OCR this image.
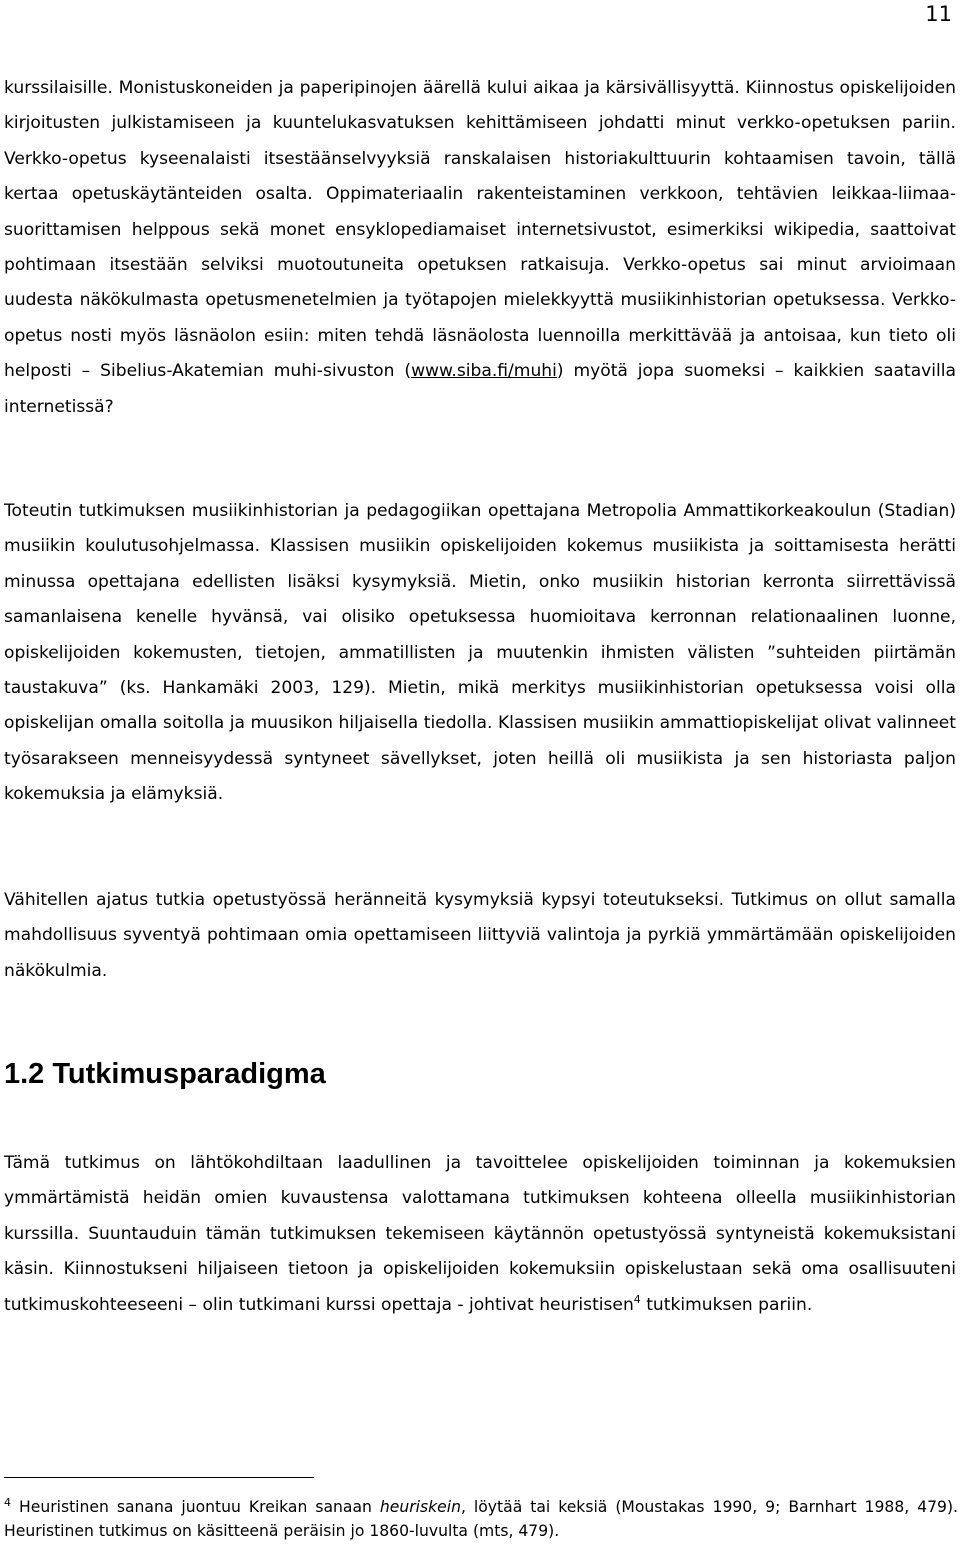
11

kurssilaisille. Monistuskoneiden ja paperipinojen äärellä kului aikaa ja kärsivällisyyttä. Kiinnostus opiskelijoiden kirjoitusten julkistamiseen ja kuuntelukasvatuksen kehittämiseen johdatti minut verkko-opetuksen pariin. Verkko-opetus kyseenalaisti itsestäänselvyyksiä ranskalaisen historiakulttuurin kohtaamisen tavoin, tällä kertaa opetuskäytänteiden osalta. Oppimateriaalin rakenteistaminen verkkoon, tehtävien leikkaa-liimaa-suorittamisen helppous sekä monet ensyklopediamaiset internetsivustot, esimerkiksi wikipedia, saattoivat pohtimaan itsestään selviksi muotoutuneita opetuksen ratkaisuja. Verkko-opetus sai minut arvioimaan uudesta näkökulmasta opetusmenetelmien ja työtapojen mielekkyyttä musiikinhistorian opetuksessa. Verkko-opetus nosti myös läsnäolon esiin: miten tehdä läsnäolosta luennoilla merkittävää ja antoisaa, kun tieto oli helposti – Sibelius-Akatemian muhi-sivuston (www.siba.fi/muhi) myötä jopa suomeksi – kaikkien saatavilla internetissä?

Toteutin tutkimuksen musiikinhistorian ja pedagogiikan opettajana Metropolia Ammattikorkeakoulun (Stadian) musiikin koulutusohjelmassa. Klassisen musiikin opiskelijoiden kokemus musiikista ja soittamisesta herätti minussa opettajana edellisten lisäksi kysymyksiä. Mietin, onko musiikin historian kerronta siirrettävissä samanlaisena kenelle hyvänsä, vai olisiko opetuksessa huomioitava kerronnan relationaalinen luonne, opiskelijoiden kokemusten, tietojen, ammatillisten ja muutenkin ihmisten välisten ”suhteiden piirtämän taustakuva” (ks. Hankamäki 2003, 129). Mietin, mikä merkitys musiikinhistorian opetuksessa voisi olla opiskelijan omalla soitolla ja muusikon hiljaisella tiedolla. Klassisen musiikin ammattiopiskelijat olivat valinneet työsarakseen menneisyydessä syntyneet sävellykset, joten heillä oli musiikista ja sen historiasta paljon kokemuksia ja elämyksiä.

Vähitellen ajatus tutkia opetustyössä heränneitä kysymyksiä kypsyi toteutukseksi. Tutkimus on ollut samalla mahdollisuus syventyä pohtimaan omia opettamiseen liittyviä valintoja ja pyrkiä ymmärtämään opiskelijoiden näkökulmia.

1.2 Tutkimusparadigma

Tämä tutkimus on lähtökohdiltaan laadullinen ja tavoittelee opiskelijoiden toiminnan ja kokemuksien ymmärtämistä heidän omien kuvaustensa valottamana tutkimuksen kohteena olleella musiikinhistorian kurssilla. Suuntauduin tämän tutkimuksen tekemiseen käytännön opetustyössä syntyneistä kokemuksistani käsin. Kiinnostukseni hiljaiseen tietoon ja opiskelijoiden kokemuksiin opiskelustaan sekä oma osallisuuteni tutkimuskohteeseeni – olin tutkimani kurssi opettaja - johtivat heuristisen$^4$ tutkimuksen pariin.

$^4$ Heuristinen sanana juontuu Kreikan sanaan heuriskein, löytää tai keksiä (Moustakas 1990, 9; Barnhart 1988, 479). Heuristinen tutkimus on käsitteenä peräisin jo 1860-luvulta (mts, 479).
